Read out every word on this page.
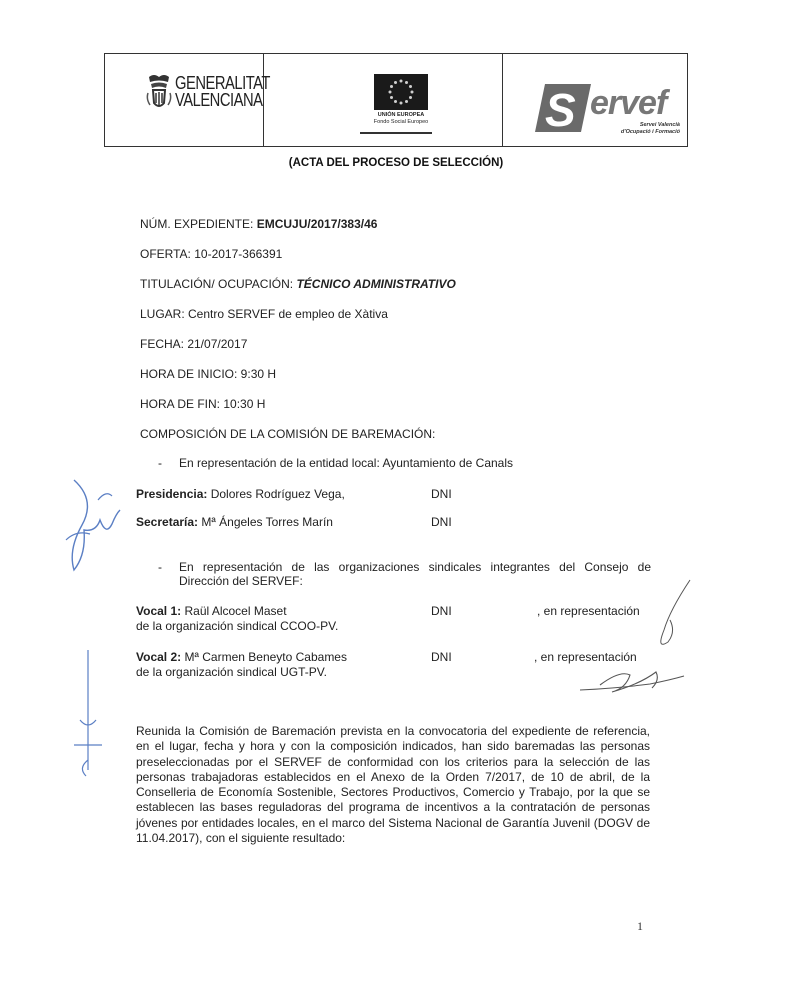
GENERALITAT
VALENCIANA
UNIÓN EUROPEA
Fondo Social Europeo	S ervef
Servei Valencià
d'Ocupació i Formació
(ACTA DEL PROCESO DE SELECCIÓN)
NÚM. EXPEDIENTE: EMCUJU/2017/383/46
OFERTA: 10-2017-366391
TITULACIÓN/ OCUPACIÓN: TÉCNICO ADMINISTRATIVO
LUGAR: Centro SERVEF de empleo de Xàtiva
FECHA: 21/07/2017
HORA DE INICIO: 9:30 H
HORA DE FIN: 10:30 H
COMPOSICIÓN DE LA COMISIÓN DE BAREMACIÓN:
- En representación de la entidad local: Ayuntamiento de Canals
Presidencia: Dolores Rodríguez Vega,	DNI
Secretaría: Mª Ángeles Torres Marín	DNI
- En representación de las organizaciones sindicales integrantes del Consejo de Dirección del SERVEF:
Vocal 1: Raül Alcocel Maset	DNI	, en representación
de la organización sindical CCOO-PV.
Vocal 2: Mª Carmen Beneyto Cabames	DNI	, en representación
de la organización sindical UGT-PV.
Reunida la Comisión de Baremación prevista en la convocatoria del expediente de referencia, en el lugar, fecha y hora y con la composición indicados, han sido baremadas las personas preseleccionadas por el SERVEF de conformidad con los criterios para la selección de las personas trabajadoras establecidos en el Anexo de la Orden 7/2017, de 10 de abril, de la Conselleria de Economía Sostenible, Sectores Productivos, Comercio y Trabajo, por la que se establecen las bases reguladoras del programa de incentivos a la contratación de personas jóvenes por entidades locales, en el marco del Sistema Nacional de Garantía Juvenil (DOGV de 11.04.2017), con el siguiente resultado:
1
